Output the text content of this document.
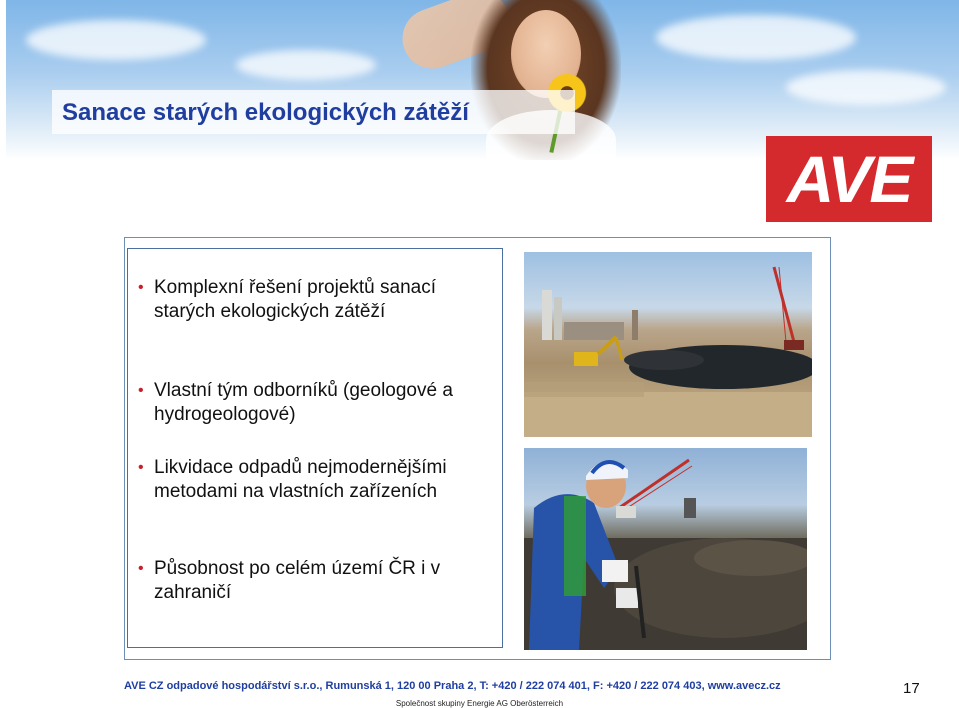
Sanace starých ekologických zátěží
AVE
• Komplexní řešení projektů sanací starých ekologických zátěží
• Vlastní tým odborníků (geologové a hydrogeologové)
• Likvidace odpadů nejmodernějšími metodami na vlastních zařízeních
• Působnost po celém území ČR i v zahraničí
AVE CZ odpadové hospodářství s.r.o., Rumunská 1, 120 00 Praha 2, T: +420 / 222 074 401, F: +420 / 222 074 403, www.avecz.cz
Společnost skupiny Energie AG Oberösterreich
17
